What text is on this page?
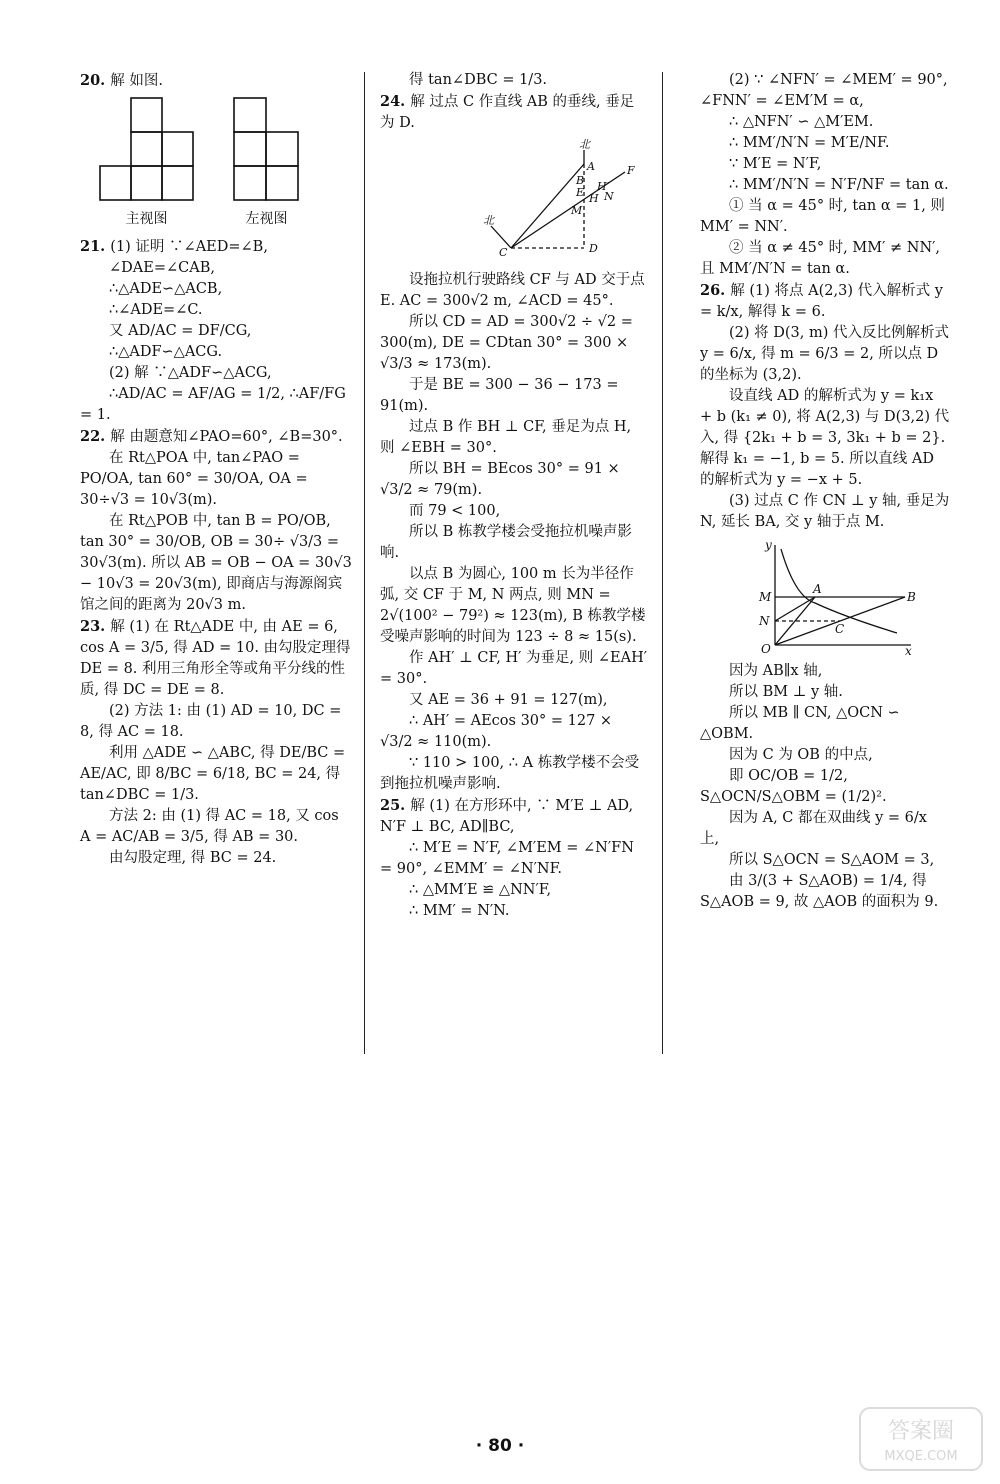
20. 解 如图.

主视图	左视图

21. (1) 证明 ∵∠AED=∠B,

∠DAE=∠CAB,

∴△ADE∽△ACB,

∴∠ADE=∠C.

又 AD/AC = DF/CG,

∴△ADF∽△ACG.

(2) 解 ∵△ADF∽△ACG,

∴AD/AC = AF/AG = 1/2, ∴AF/FG = 1.

22. 解 由题意知∠PAO=60°, ∠B=30°.

在 Rt△POA 中, tan∠PAO = PO/OA, tan 60° = 30/OA, OA = 30÷√3 = 10√3(m).

在 Rt△POB 中, tan B = PO/OB, tan 30° = 30/OB, OB = 30÷ √3/3 = 30√3(m). 所以 AB = OB − OA = 30√3 − 10√3 = 20√3(m), 即商店与海源阁宾馆之间的距离为 20√3 m.

23. 解 (1) 在 Rt△ADE 中, 由 AE = 6, cos A = 3/5, 得 AD = 10. 由勾股定理得 DE = 8. 利用三角形全等或角平分线的性质, 得 DC = DE = 8.

(2) 方法 1: 由 (1) AD = 10, DC = 8, 得 AC = 18.

利用 △ADE ∽ △ABC, 得 DE/BC = AE/AC, 即 8/BC = 6/18, BC = 24, 得 tan∠DBC = 1/3.

方法 2: 由 (1) 得 AC = 18, 又 cos A = AC/AB = 3/5, 得 AB = 30.

由勾股定理, 得 BC = 24.

得 tan∠DBC = 1/3.

24. 解 过点 C 作直线 AB 的垂线, 垂足为 D.

北
A
B
E H′
F
H N
M
北
C	D

设拖拉机行驶路线 CF 与 AD 交于点 E. AC = 300√2 m, ∠ACD = 45°.

所以 CD = AD = 300√2 ÷ √2 = 300(m), DE = CDtan 30° = 300 × √3/3 ≈ 173(m).

于是 BE = 300 − 36 − 173 = 91(m).

过点 B 作 BH ⊥ CF, 垂足为点 H, 则 ∠EBH = 30°.

所以 BH = BEcos 30° = 91 × √3/2 ≈ 79(m).

而 79 < 100,

所以 B 栋教学楼会受拖拉机噪声影响.

以点 B 为圆心, 100 m 长为半径作弧, 交 CF 于 M, N 两点, 则 MN = 2√(100² − 79²) ≈ 123(m), B 栋教学楼受噪声影响的时间为 123 ÷ 8 ≈ 15(s).

作 AH′ ⊥ CF, H′ 为垂足, 则 ∠EAH′ = 30°.

又 AE = 36 + 91 = 127(m),

∴ AH′ = AEcos 30° = 127 × √3/2 ≈ 110(m).

∵ 110 > 100, ∴ A 栋教学楼不会受到拖拉机噪声影响.

25. 解 (1) 在方形环中, ∵ M′E ⊥ AD, N′F ⊥ BC, AD∥BC,

∴ M′E = N′F, ∠M′EM = ∠N′FN = 90°, ∠EMM′ = ∠N′NF.

∴ △MM′E ≌ △NN′F,

∴ MM′ = N′N.

(2) ∵ ∠NFN′ = ∠MEM′ = 90°, ∠FNN′ = ∠EM′M = α,

∴ △NFN′ ∽ △M′EM.

∴ MM′/N′N = M′E/NF.

∵ M′E = N′F,

∴ MM′/N′N = N′F/NF = tan α.

① 当 α = 45° 时, tan α = 1, 则 MM′ = NN′.

② 当 α ≠ 45° 时, MM′ ≠ NN′, 且 MM′/N′N = tan α.

26. 解 (1) 将点 A(2,3) 代入解析式 y = k/x, 解得 k = 6.

(2) 将 D(3, m) 代入反比例解析式 y = 6/x, 得 m = 6/3 = 2, 所以点 D 的坐标为 (3,2).

设直线 AD 的解析式为 y = k₁x + b (k₁ ≠ 0), 将 A(2,3) 与 D(3,2) 代入, 得 {2k₁ + b = 3, 3k₁ + b = 2}. 解得 k₁ = −1, b = 5. 所以直线 AD 的解析式为 y = −x + 5.

(3) 过点 C 作 CN ⊥ y 轴, 垂足为 N, 延长 BA, 交 y 轴于点 M.

y
M
A
B
N
C
O	x

因为 AB∥x 轴,

所以 BM ⊥ y 轴.

所以 MB ∥ CN, △OCN ∽ △OBM.

因为 C 为 OB 的中点,

即 OC/OB = 1/2, S△OCN/S△OBM = (1/2)².

因为 A, C 都在双曲线 y = 6/x 上,

所以 S△OCN = S△AOM = 3,

由 3/(3 + S△AOB) = 1/4, 得 S△AOB = 9, 故 △AOB 的面积为 9.

· 80 ·
答案圈
MXQE.COM
